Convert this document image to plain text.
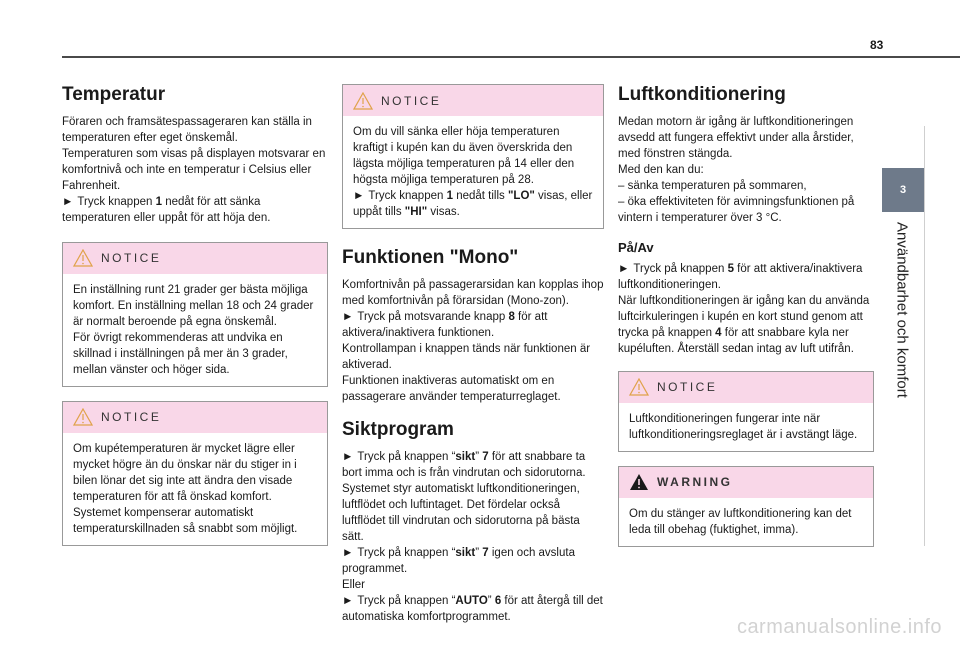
83
3
Användbarhet och komfort
Temperatur

Föraren och framsätespassageraren kan ställa in temperaturen efter eget önskemål.

Temperaturen som visas på displayen motsvarar en komfortnivå och inte en temperatur i Celsius eller Fahrenheit.

► Tryck knappen 1 nedåt för att sänka temperaturen eller uppåt för att höja den.

NOTICE

En inställning runt 21 grader ger bästa möjliga komfort. En inställning mellan 18 och 24 grader är normalt beroende på egna önskemål.

För övrigt rekommenderas att undvika en skillnad i inställningen på mer än 3 grader, mellan vänster och höger sida.

NOTICE

Om kupétemperaturen är mycket lägre eller mycket högre än du önskar när du stiger in i bilen lönar det sig inte att ändra den visade temperaturen för att få önskad komfort.

Systemet kompenserar automatiskt temperaturskillnaden så snabbt som möjligt.

NOTICE

Om du vill sänka eller höja temperaturen kraftigt i kupén kan du även överskrida den lägsta möjliga temperaturen på 14 eller den högsta möjliga temperaturen på 28.

► Tryck knappen 1 nedåt tills "LO" visas, eller uppåt tills "HI" visas.

Funktionen "Mono"

Komfortnivån på passagerarsidan kan kopplas ihop med komfortnivån på förarsidan (Mono-zon).

► Tryck på motsvarande knapp 8 för att aktivera/inaktivera funktionen.

Kontrollampan i knappen tänds när funktionen är aktiverad.

Funktionen inaktiveras automatiskt om en passagerare använder temperaturreglaget.

Siktprogram

► Tryck på knappen “sikt” 7 för att snabbare ta bort imma och is från vindrutan och sidorutorna.

Systemet styr automatiskt luftkonditioneringen, luftflödet och luftintaget. Det fördelar också luftflödet till vindrutan och sidorutorna på bästa sätt.

► Tryck på knappen “sikt” 7 igen och avsluta programmet.

Eller

► Tryck på knappen “AUTO” 6 för att återgå till det automatiska komfortprogrammet.

Luftkonditionering

Medan motorn är igång är luftkonditioneringen avsedd att fungera effektivt under alla årstider, med fönstren stängda.

Med den kan du:

– sänka temperaturen på sommaren,

– öka effektiviteten för avimningsfunktionen på vintern i temperaturer över 3 °C.

På/Av

► Tryck på knappen 5 för att aktivera/inaktivera luftkonditioneringen.

När luftkonditioneringen är igång kan du använda luftcirkuleringen i kupén en kort stund genom att trycka på knappen 4 för att snabbare kyla ner kupéluften. Återställ sedan intag av luft utifrån.

NOTICE

Luftkonditioneringen fungerar inte när luftkonditioneringsreglaget är i avstängt läge.

WARNING

Om du stänger av luftkonditionering kan det leda till obehag (fuktighet, imma).

carmanualsonline.info
